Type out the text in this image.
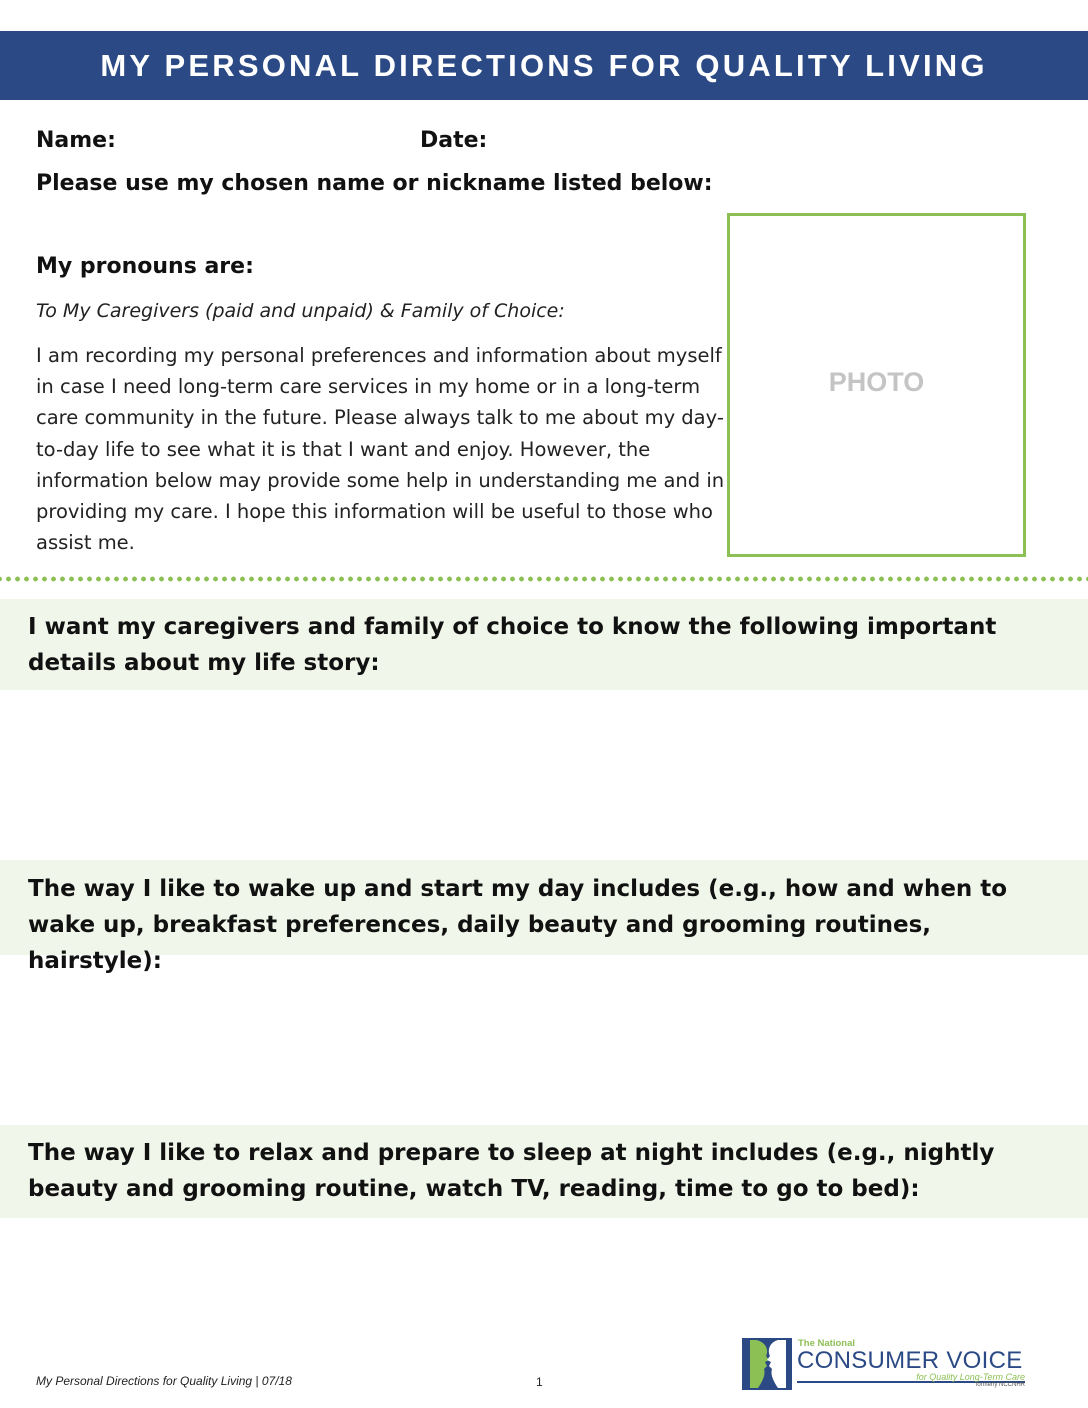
MY PERSONAL DIRECTIONS FOR QUALITY LIVING
Name:	Date:
Please use my chosen name or nickname listed below:
My pronouns are:
To My Caregivers (paid and unpaid) & Family of Choice:
I am recording my personal preferences and information about myself in case I need long-term care services in my home or in a long-term care community in the future. Please always talk to me about my day-to-day life to see what it is that I want and enjoy. However, the information below may provide some help in understanding me and in providing my care. I hope this information will be useful to those who assist me.
PHOTO
I want my caregivers and family of choice to know the following important details about my life story:
The way I like to wake up and start my day includes (e.g., how and when to wake up, breakfast preferences, daily beauty and grooming routines, hairstyle):
The way I like to relax and prepare to sleep at night includes (e.g., nightly beauty and grooming routine, watch TV, reading, time to go to bed):
My Personal Directions for Quality Living | 07/18	1
The National
CONSUMER VOICE
for Quality Long-Term Care
formerly NCCNHR
